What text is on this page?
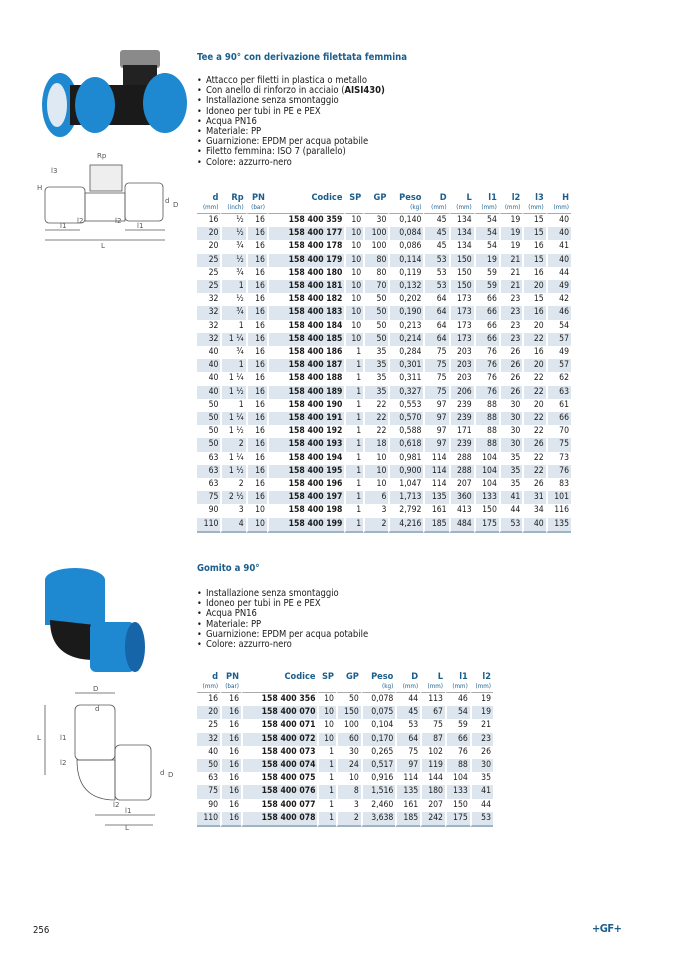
Tee a 90° con derivazione filettata femmina
• Attacco per filetti in plastica o metallo
• Con anello di rinforzo in acciaio (AISI430)
• Installazione senza smontaggio
• Idoneo per tubi in PE e PEX
• Acqua PN16
• Materiale: PP
• Guarnizione: EPDM per acqua potabile
• Filetto femmina: ISO 7 (parallelo)
• Colore: azzurro-nero
Rp
H
l3
d D
l2	l2
l1	l1
L
d	Rp	PN	Codice	SP	GP	Peso	D	L	l1	l2	l3	H
(mm)	(inch)	(bar)				(kg)	(mm)	(mm)	(mm)	(mm)	(mm)	(mm)
16	½	16	158 400 359	10	30	0,140	45	134	54	19	15	40
20	½	16	158 400 177	10	100	0,084	45	134	54	19	15	40
20	¾	16	158 400 178	10	100	0,086	45	134	54	19	16	41
25	½	16	158 400 179	10	80	0,114	53	150	19	21	15	40
25	¾	16	158 400 180	10	80	0,119	53	150	59	21	16	44
25	1	16	158 400 181	10	70	0,132	53	150	59	21	20	49
32	½	16	158 400 182	10	50	0,202	64	173	66	23	15	42
32	¾	16	158 400 183	10	50	0,190	64	173	66	23	16	46
32	1	16	158 400 184	10	50	0,213	64	173	66	23	20	54
32	1 ¼	16	158 400 185	10	50	0,214	64	173	66	23	22	57
40	¾	16	158 400 186	1	35	0,284	75	203	76	26	16	49
40	1	16	158 400 187	1	35	0,301	75	203	76	26	20	57
40	1 ¼	16	158 400 188	1	35	0,311	75	203	76	26	22	62
40	1 ½	16	158 400 189	1	35	0,327	75	206	76	26	22	63
50	1	16	158 400 190	1	22	0,553	97	239	88	30	20	61
50	1 ¼	16	158 400 191	1	22	0,570	97	239	88	30	22	66
50	1 ½	16	158 400 192	1	22	0,588	97	171	88	30	22	70
50	2	16	158 400 193	1	18	0,618	97	239	88	30	26	75
63	1 ¼	16	158 400 194	1	10	0,981	114	288	104	35	22	73
63	1 ½	16	158 400 195	1	10	0,900	114	288	104	35	22	76
63	2	16	158 400 196	1	10	1,047	114	207	104	35	26	83
75	2 ½	16	158 400 197	1	6	1,713	135	360	133	41	31	101
90	3	10	158 400 198	1	3	2,792	161	413	150	44	34	116
110	4	10	158 400 199	1	2	4,216	185	484	175	53	40	135
Gomito a 90°
• Installazione senza smontaggio
• Idoneo per tubi in PE e PEX
• Acqua PN16
• Materiale: PP
• Guarnizione: EPDM per acqua potabile
• Colore: azzurro-nero
D
d
L	l1
l2
d D
l2
l1
L
d	PN	Codice	SP	GP	Peso	D	L	l1	l2
(mm)	(bar)				(kg)	(mm)	(mm)	(mm)	(mm)
16	16	158 400 356	10	50	0,078	44	113	46	19
20	16	158 400 070	10	150	0,075	45	67	54	19
25	16	158 400 071	10	100	0,104	53	75	59	21
32	16	158 400 072	10	60	0,170	64	87	66	23
40	16	158 400 073	1	30	0,265	75	102	76	26
50	16	158 400 074	1	24	0,517	97	119	88	30
63	16	158 400 075	1	10	0,916	114	144	104	35
75	16	158 400 076	1	8	1,516	135	180	133	41
90	16	158 400 077	1	3	2,460	161	207	150	44
110	16	158 400 078	1	2	3,638	185	242	175	53
256	+GF+
